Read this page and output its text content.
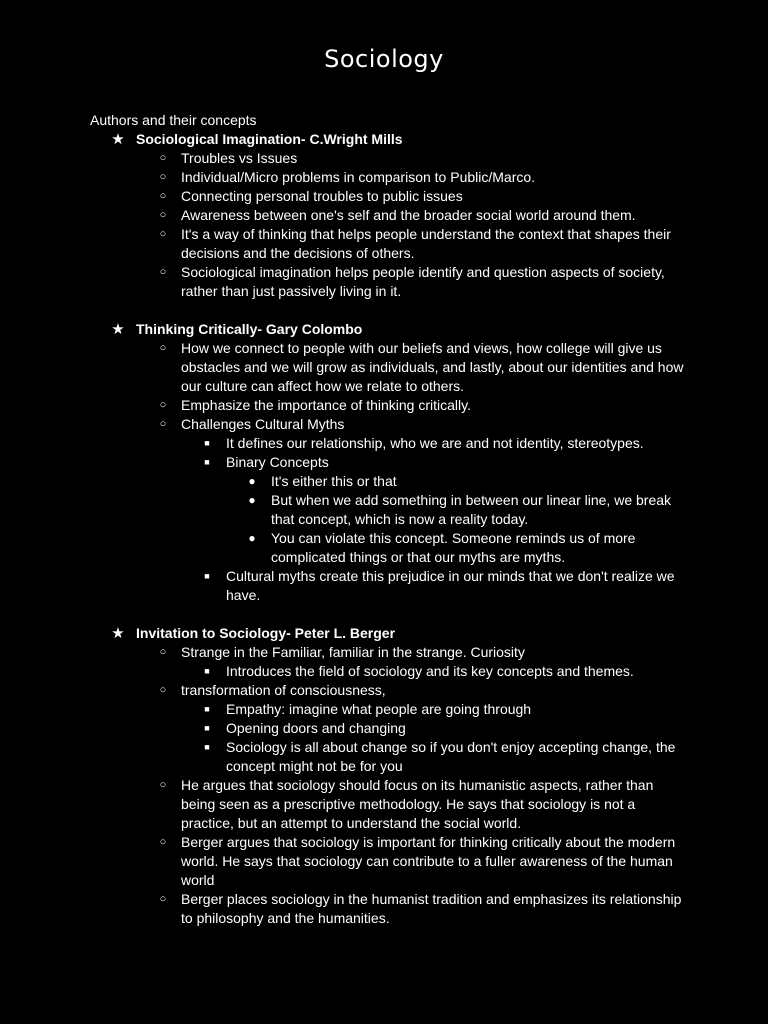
Sociology

Authors and their concepts

★ Sociological Imagination- C.Wright Mills
○	Troubles vs Issues
○	Individual/Micro problems in comparison to Public/Marco.
○	Connecting personal troubles to public issues
○	Awareness between one's self and the broader social world around them.
○	It's a way of thinking that helps people understand the context that shapes their decisions and the decisions of others.
○	Sociological imagination helps people identify and question aspects of society, rather than just passively living in it.
★ Thinking Critically- Gary Colombo
○	How we connect to people with our beliefs and views, how college will give us obstacles and we will grow as individuals, and lastly, about our identities and how our culture can affect how we relate to others.
○	Emphasize the importance of thinking critically.
○	Challenges Cultural Myths
■	It defines our relationship, who we are and not identity, stereotypes.
■	Binary Concepts
●	It's either this or that
●	But when we add something in between our linear line, we break that concept, which is now a reality today.
●	You can violate this concept. Someone reminds us of more complicated things or that our myths are myths.
■	Cultural myths create this prejudice in our minds that we don't realize we have.
★ Invitation to Sociology- Peter L. Berger
○	Strange in the Familiar, familiar in the strange. Curiosity
■	Introduces the field of sociology and its key concepts and themes.
○	transformation of consciousness,
■	Empathy: imagine what people are going through
■	Opening doors and changing
■	Sociology is all about change so if you don't enjoy accepting change, the concept might not be for you
○	He argues that sociology should focus on its humanistic aspects, rather than being seen as a prescriptive methodology. He says that sociology is not a practice, but an attempt to understand the social world.
○	Berger argues that sociology is important for thinking critically about the modern world. He says that sociology can contribute to a fuller awareness of the human world
○	Berger places sociology in the humanist tradition and emphasizes its relationship to philosophy and the humanities.
